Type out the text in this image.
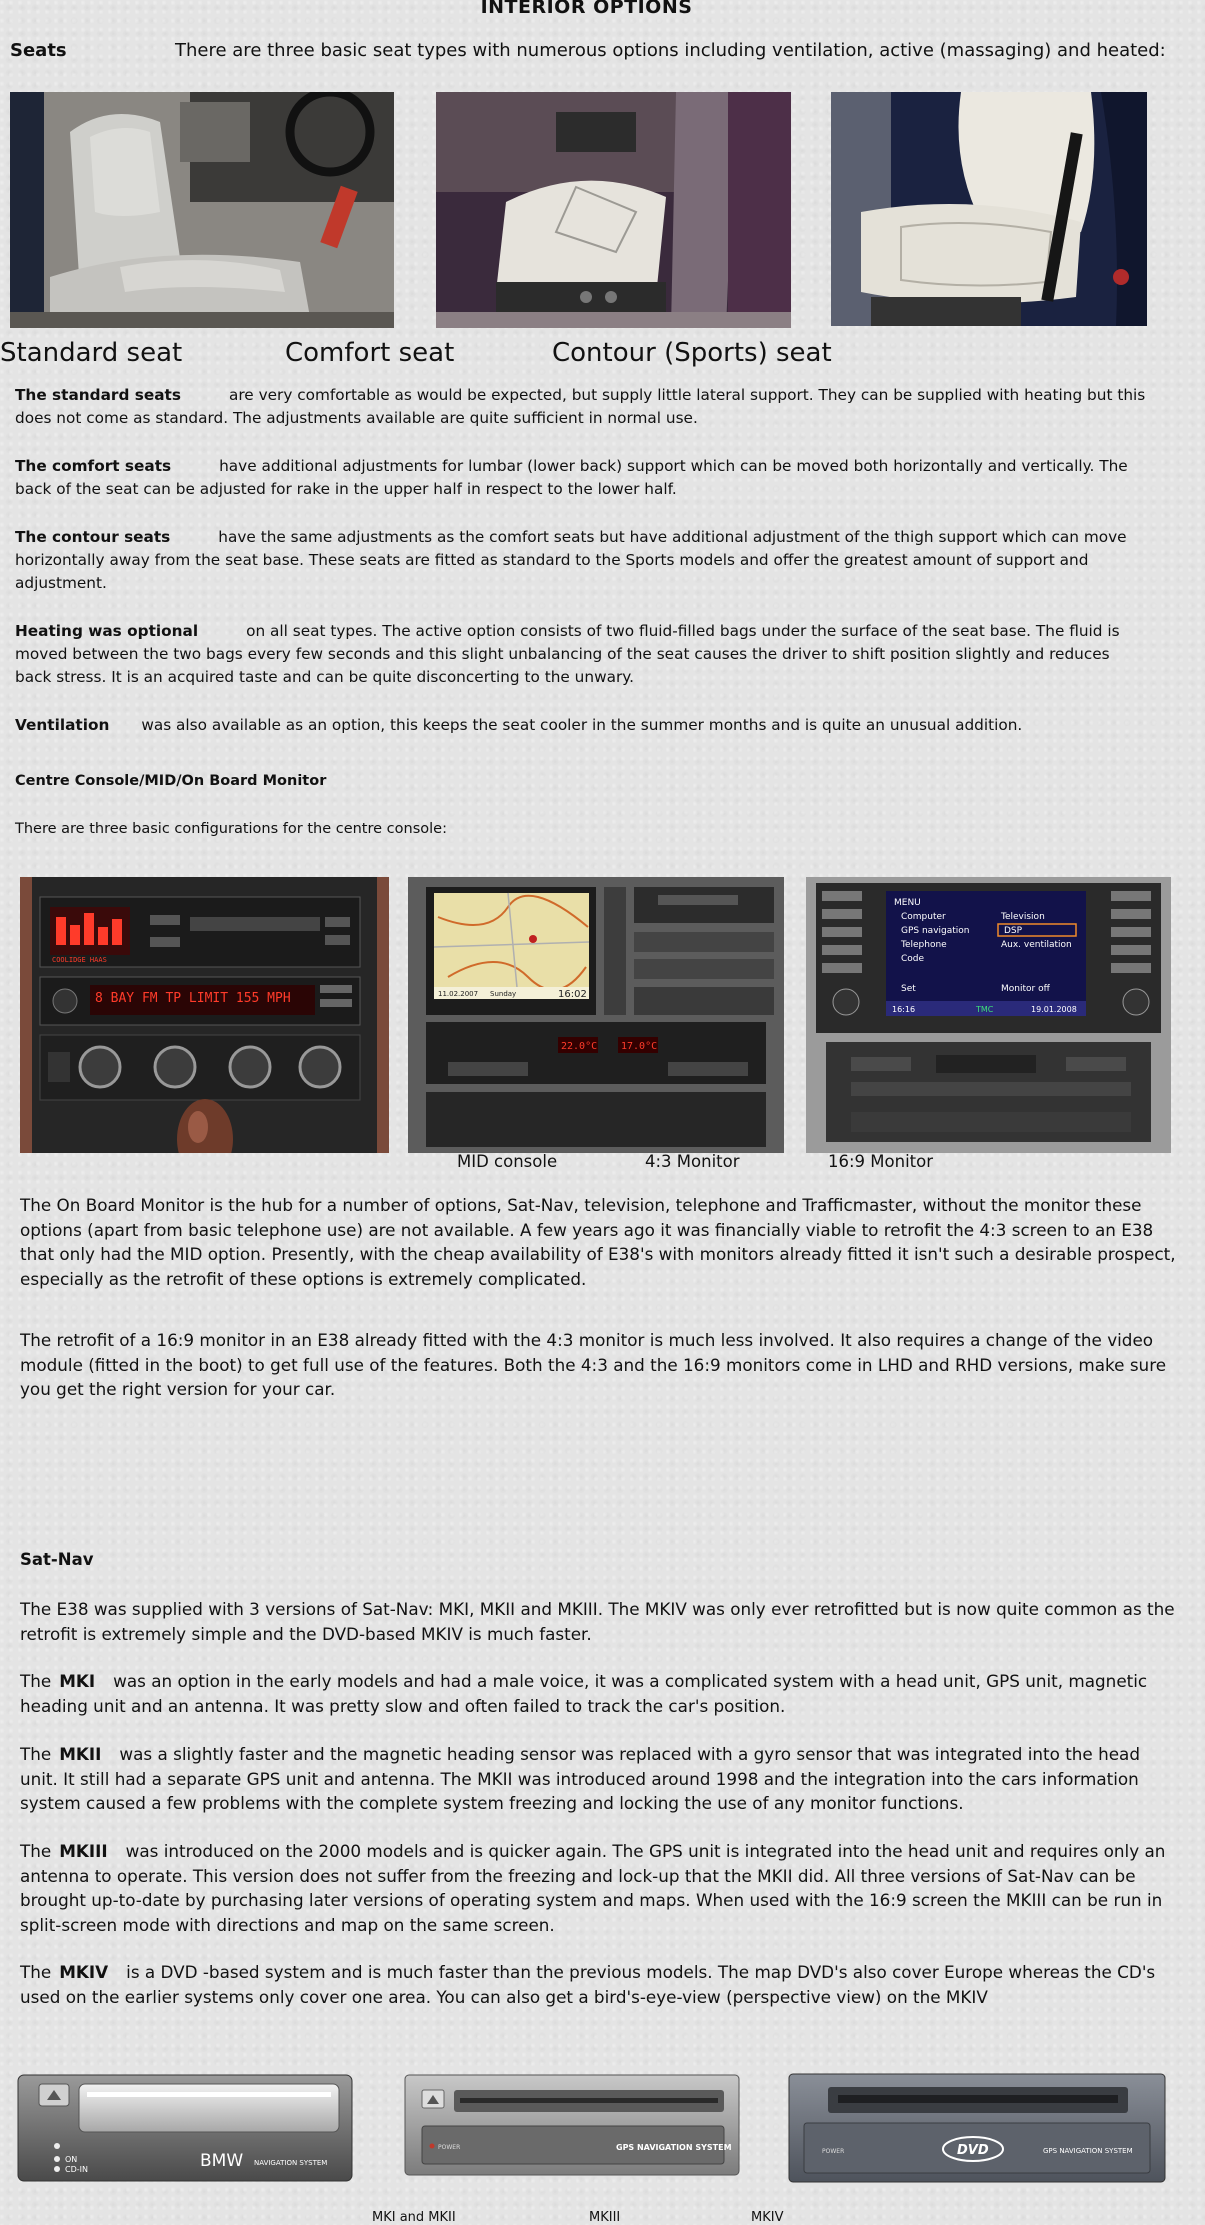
INTERIOR OPTIONS
Seats	There are three basic seat types with numerous options including ventilation, active (massaging) and heated:
Standard seat	Comfort seat	Contour (Sports) seat
The standard seats	are very comfortable as would be expected, but supply little lateral support. They can be supplied with heating but this does not come as standard. The adjustments available are quite sufficient in normal use.
The comfort seats	have additional adjustments for lumbar (lower back) support which can be moved both horizontally and vertically. The back of the seat can be adjusted for rake in the upper half in respect to the lower half.
The contour seats	have the same adjustments as the comfort seats but have additional adjustment of the thigh support which can move horizontally away from the seat base. These seats are fitted as standard to the Sports models and offer the greatest amount of support and adjustment.
Heating was optional	on all seat types. The active option consists of two fluid-filled bags under the surface of the seat base. The fluid is moved between the two bags every few seconds and this slight unbalancing of the seat causes the driver to shift position slightly and reduces back stress. It is an acquired taste and can be quite disconcerting to the unwary.
Ventilation was also available as an option, this keeps the seat cooler in the summer months and is quite an unusual addition.
Centre Console/MID/On Board Monitor
There are three basic configurations for the centre console:
COOLIDGE HAAS
8 BAY FM TP LIMIT 155 MPH	11.02.2007 Sunday	16:02
22.0°C 17.0°C
MENU
Computer
GPS navigation
Telephone
Code
Set
Television
DSP
Aux. ventilation
Monitor off
16:16	TMC	19.01.2008
MID console	4:3 Monitor	16:9 Monitor
The On Board Monitor is the hub for a number of options, Sat-Nav, television, telephone and Trafficmaster, without the monitor these options (apart from basic telephone use) are not available. A few years ago it was financially viable to retrofit the 4:3 screen to an E38 that only had the MID option. Presently, with the cheap availability of E38's with monitors already fitted it isn't such a desirable prospect, especially as the retrofit of these options is extremely complicated.
The retrofit of a 16:9 monitor in an E38 already fitted with the 4:3 monitor is much less involved. It also requires a change of the video module (fitted in the boot) to get full use of the features. Both the 4:3 and the 16:9 monitors come in LHD and RHD versions, make sure you get the right version for your car.
Sat-Nav
The E38 was supplied with 3 versions of Sat-Nav: MKI, MKII and MKIII. The MKIV was only ever retrofitted but is now quite common as the retrofit is extremely simple and the DVD-based MKIV is much faster.
The MKI was an option in the early models and had a male voice, it was a complicated system with a head unit, GPS unit, magnetic heading unit and an antenna. It was pretty slow and often failed to track the car's position.
The MKII was a slightly faster and the magnetic heading sensor was replaced with a gyro sensor that was integrated into the head unit. It still had a separate GPS unit and antenna. The MKII was introduced around 1998 and the integration into the cars information system caused a few problems with the complete system freezing and locking the use of any monitor functions.
The MKIII was introduced on the 2000 models and is quicker again. The GPS unit is integrated into the head unit and requires only an antenna to operate. This version does not suffer from the freezing and lock-up that the MKII did. All three versions of Sat-Nav can be brought up-to-date by purchasing later versions of operating system and maps. When used with the 16:9 screen the MKIII can be run in split-screen mode with directions and map on the same screen.
The MKIV is a DVD -based system and is much faster than the previous models. The map DVD's also cover Europe whereas the CD's used on the earlier systems only cover one area. You can also get a bird's-eye-view (perspective view) on the MKIV
ON
CD-IN	BMW NAVIGATION SYSTEM
POWER	GPS NAVIGATION SYSTEM	POWER	DVD	GPS NAVIGATION SYSTEM
MKI and MKII	MKIII	MKIV
